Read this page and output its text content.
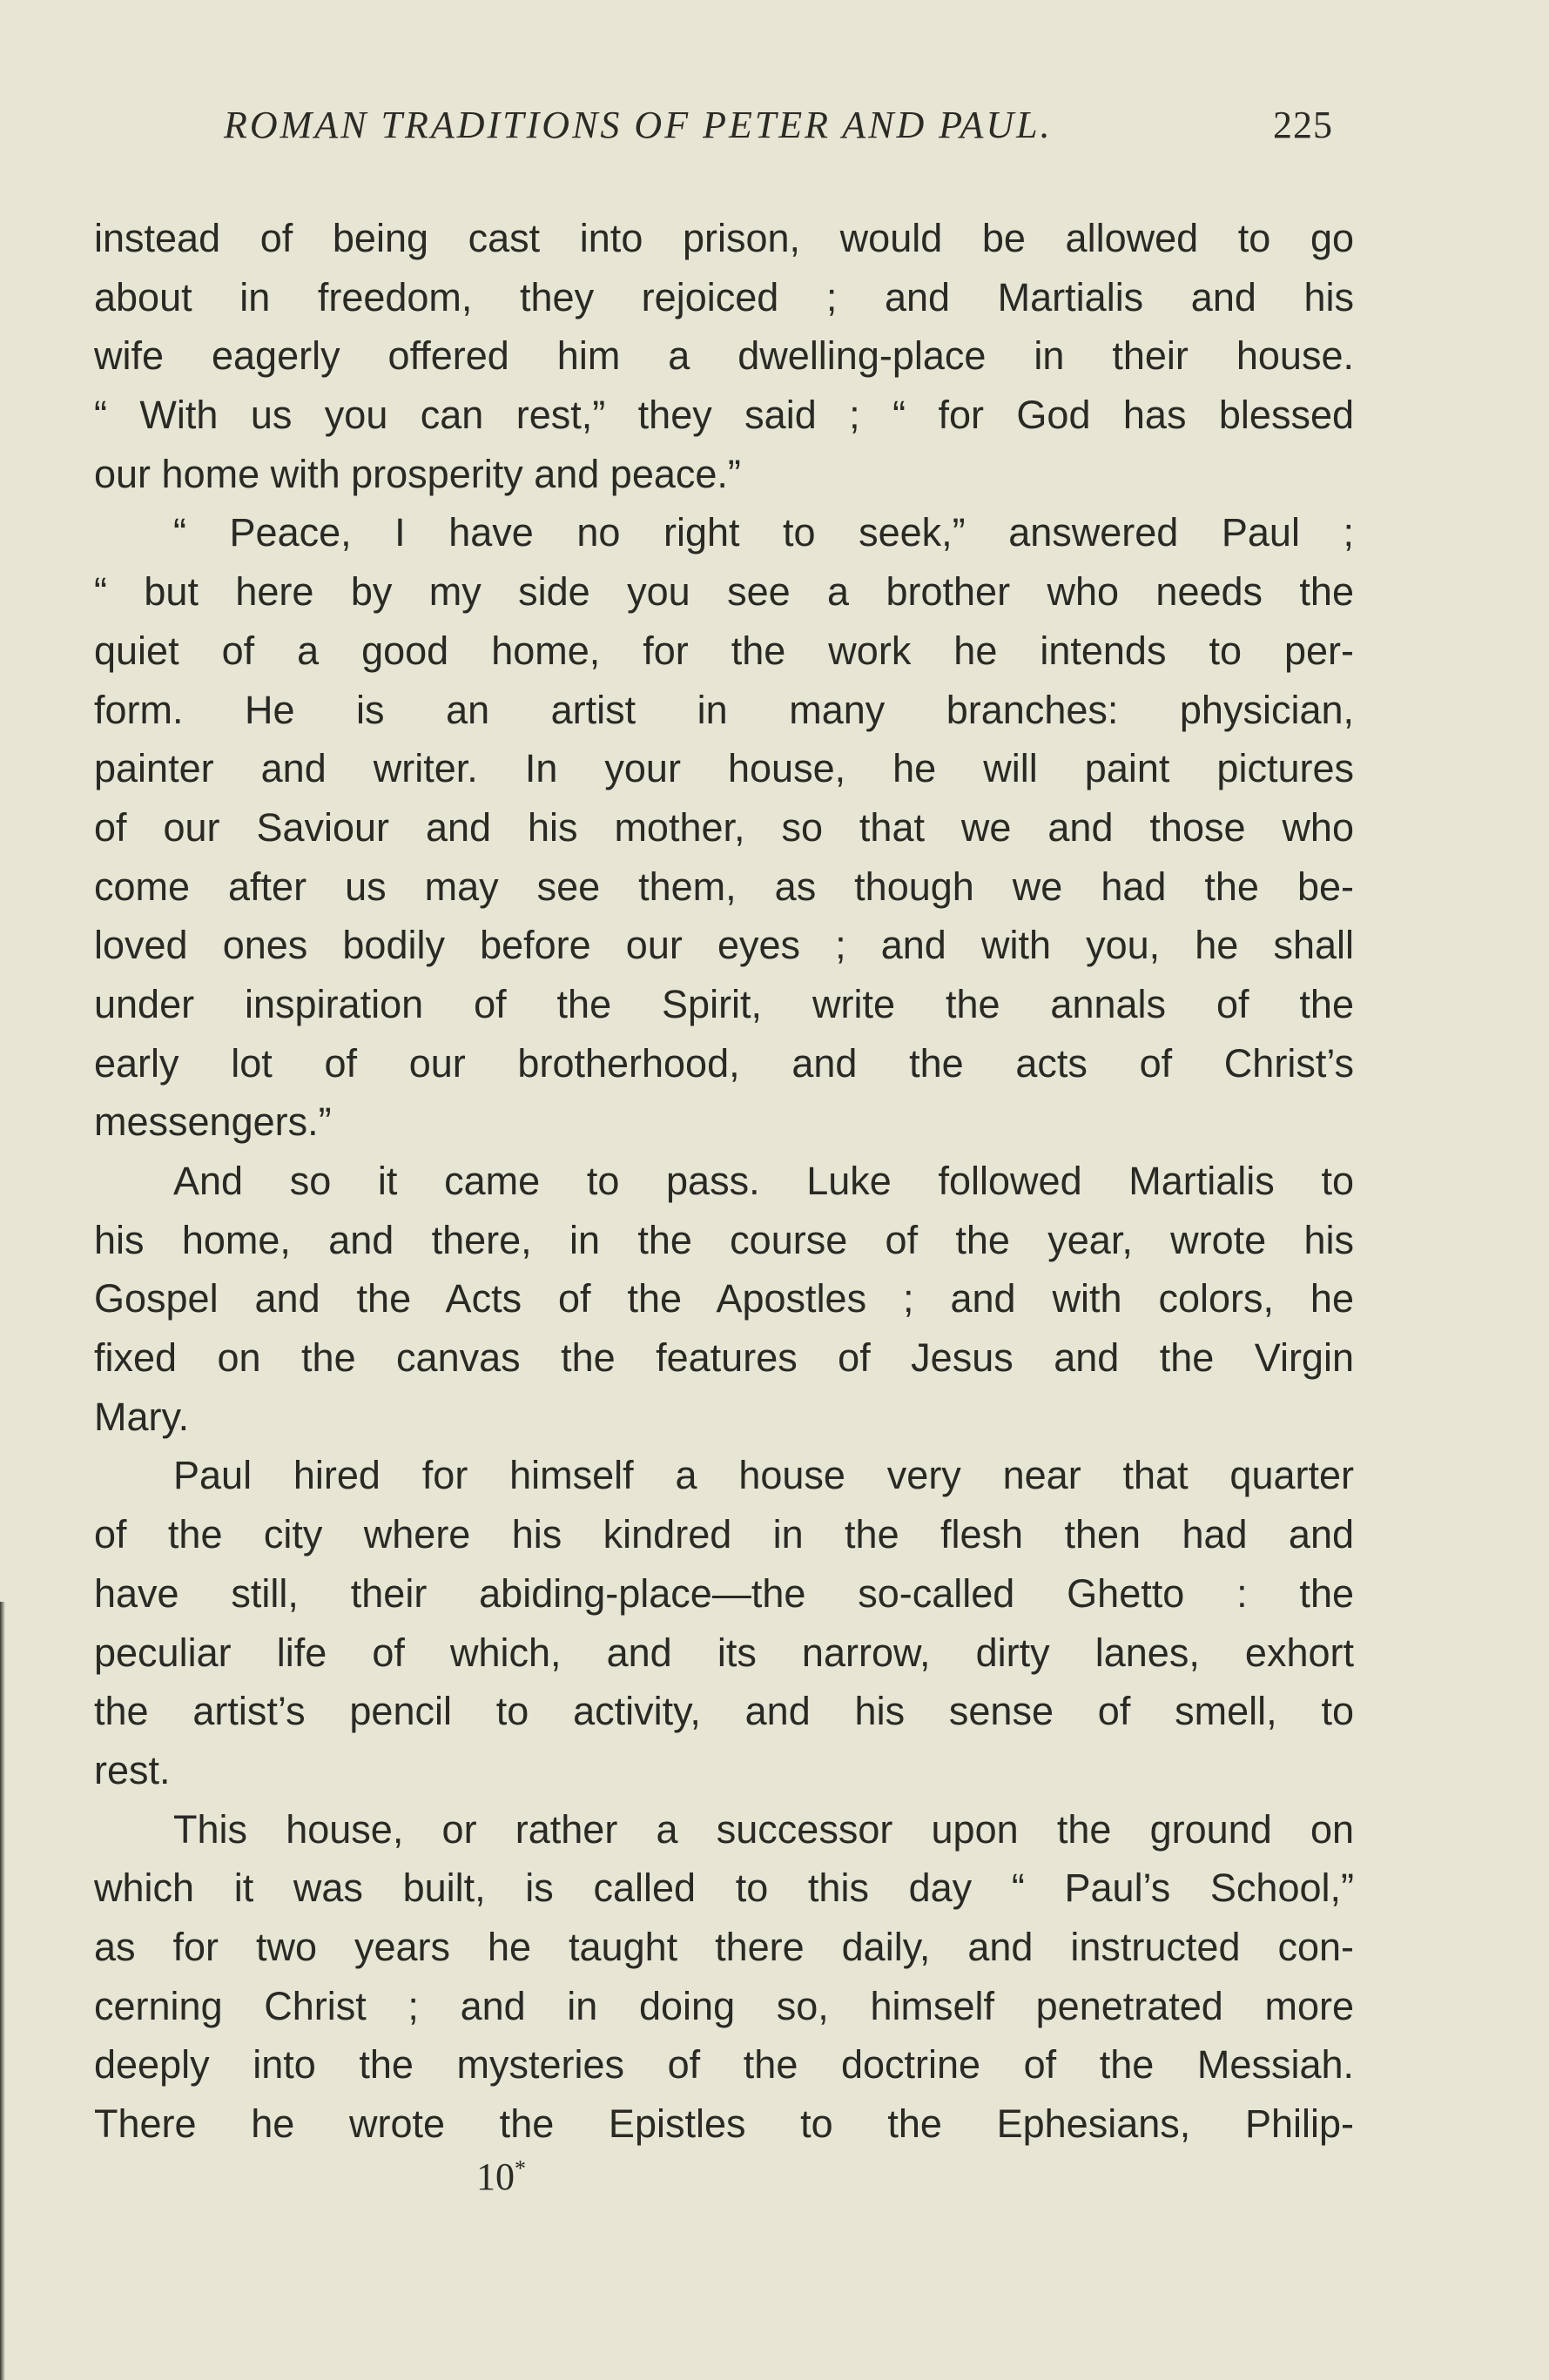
ROMAN TRADITIONS OF PETER AND PAUL.	225
instead of being cast into prison, would be allowed to go
about in freedom, they rejoiced ; and Martialis and his
wife eagerly offered him a dwelling-place in their house.
“ With us you can rest,” they said ; “ for God has blessed
our home with prosperity and peace.”
“ Peace, I have no right to seek,” answered Paul ;
“ but here by my side you see a brother who needs the
quiet of a good home, for the work he intends to per-
form. He is an artist in many branches: physician,
painter and writer. In your house, he will paint pictures
of our Saviour and his mother, so that we and those who
come after us may see them, as though we had the be-
loved ones bodily before our eyes ; and with you, he shall
under inspiration of the Spirit, write the annals of the
early lot of our brotherhood, and the acts of Christ’s
messengers.”
And so it came to pass. Luke followed Martialis to
his home, and there, in the course of the year, wrote his
Gospel and the Acts of the Apostles ; and with colors, he
fixed on the canvas the features of Jesus and the Virgin
Mary.
Paul hired for himself a house very near that quarter
of the city where his kindred in the flesh then had and
have still, their abiding-place—the so-called Ghetto : the
peculiar life of which, and its narrow, dirty lanes, exhort
the artist’s pencil to activity, and his sense of smell, to
rest.
This house, or rather a successor upon the ground on
which it was built, is called to this day “ Paul’s School,”
as for two years he taught there daily, and instructed con-
cerning Christ ; and in doing so, himself penetrated more
deeply into the mysteries of the doctrine of the Messiah.
There he wrote the Epistles to the Ephesians, Philip-
10*
